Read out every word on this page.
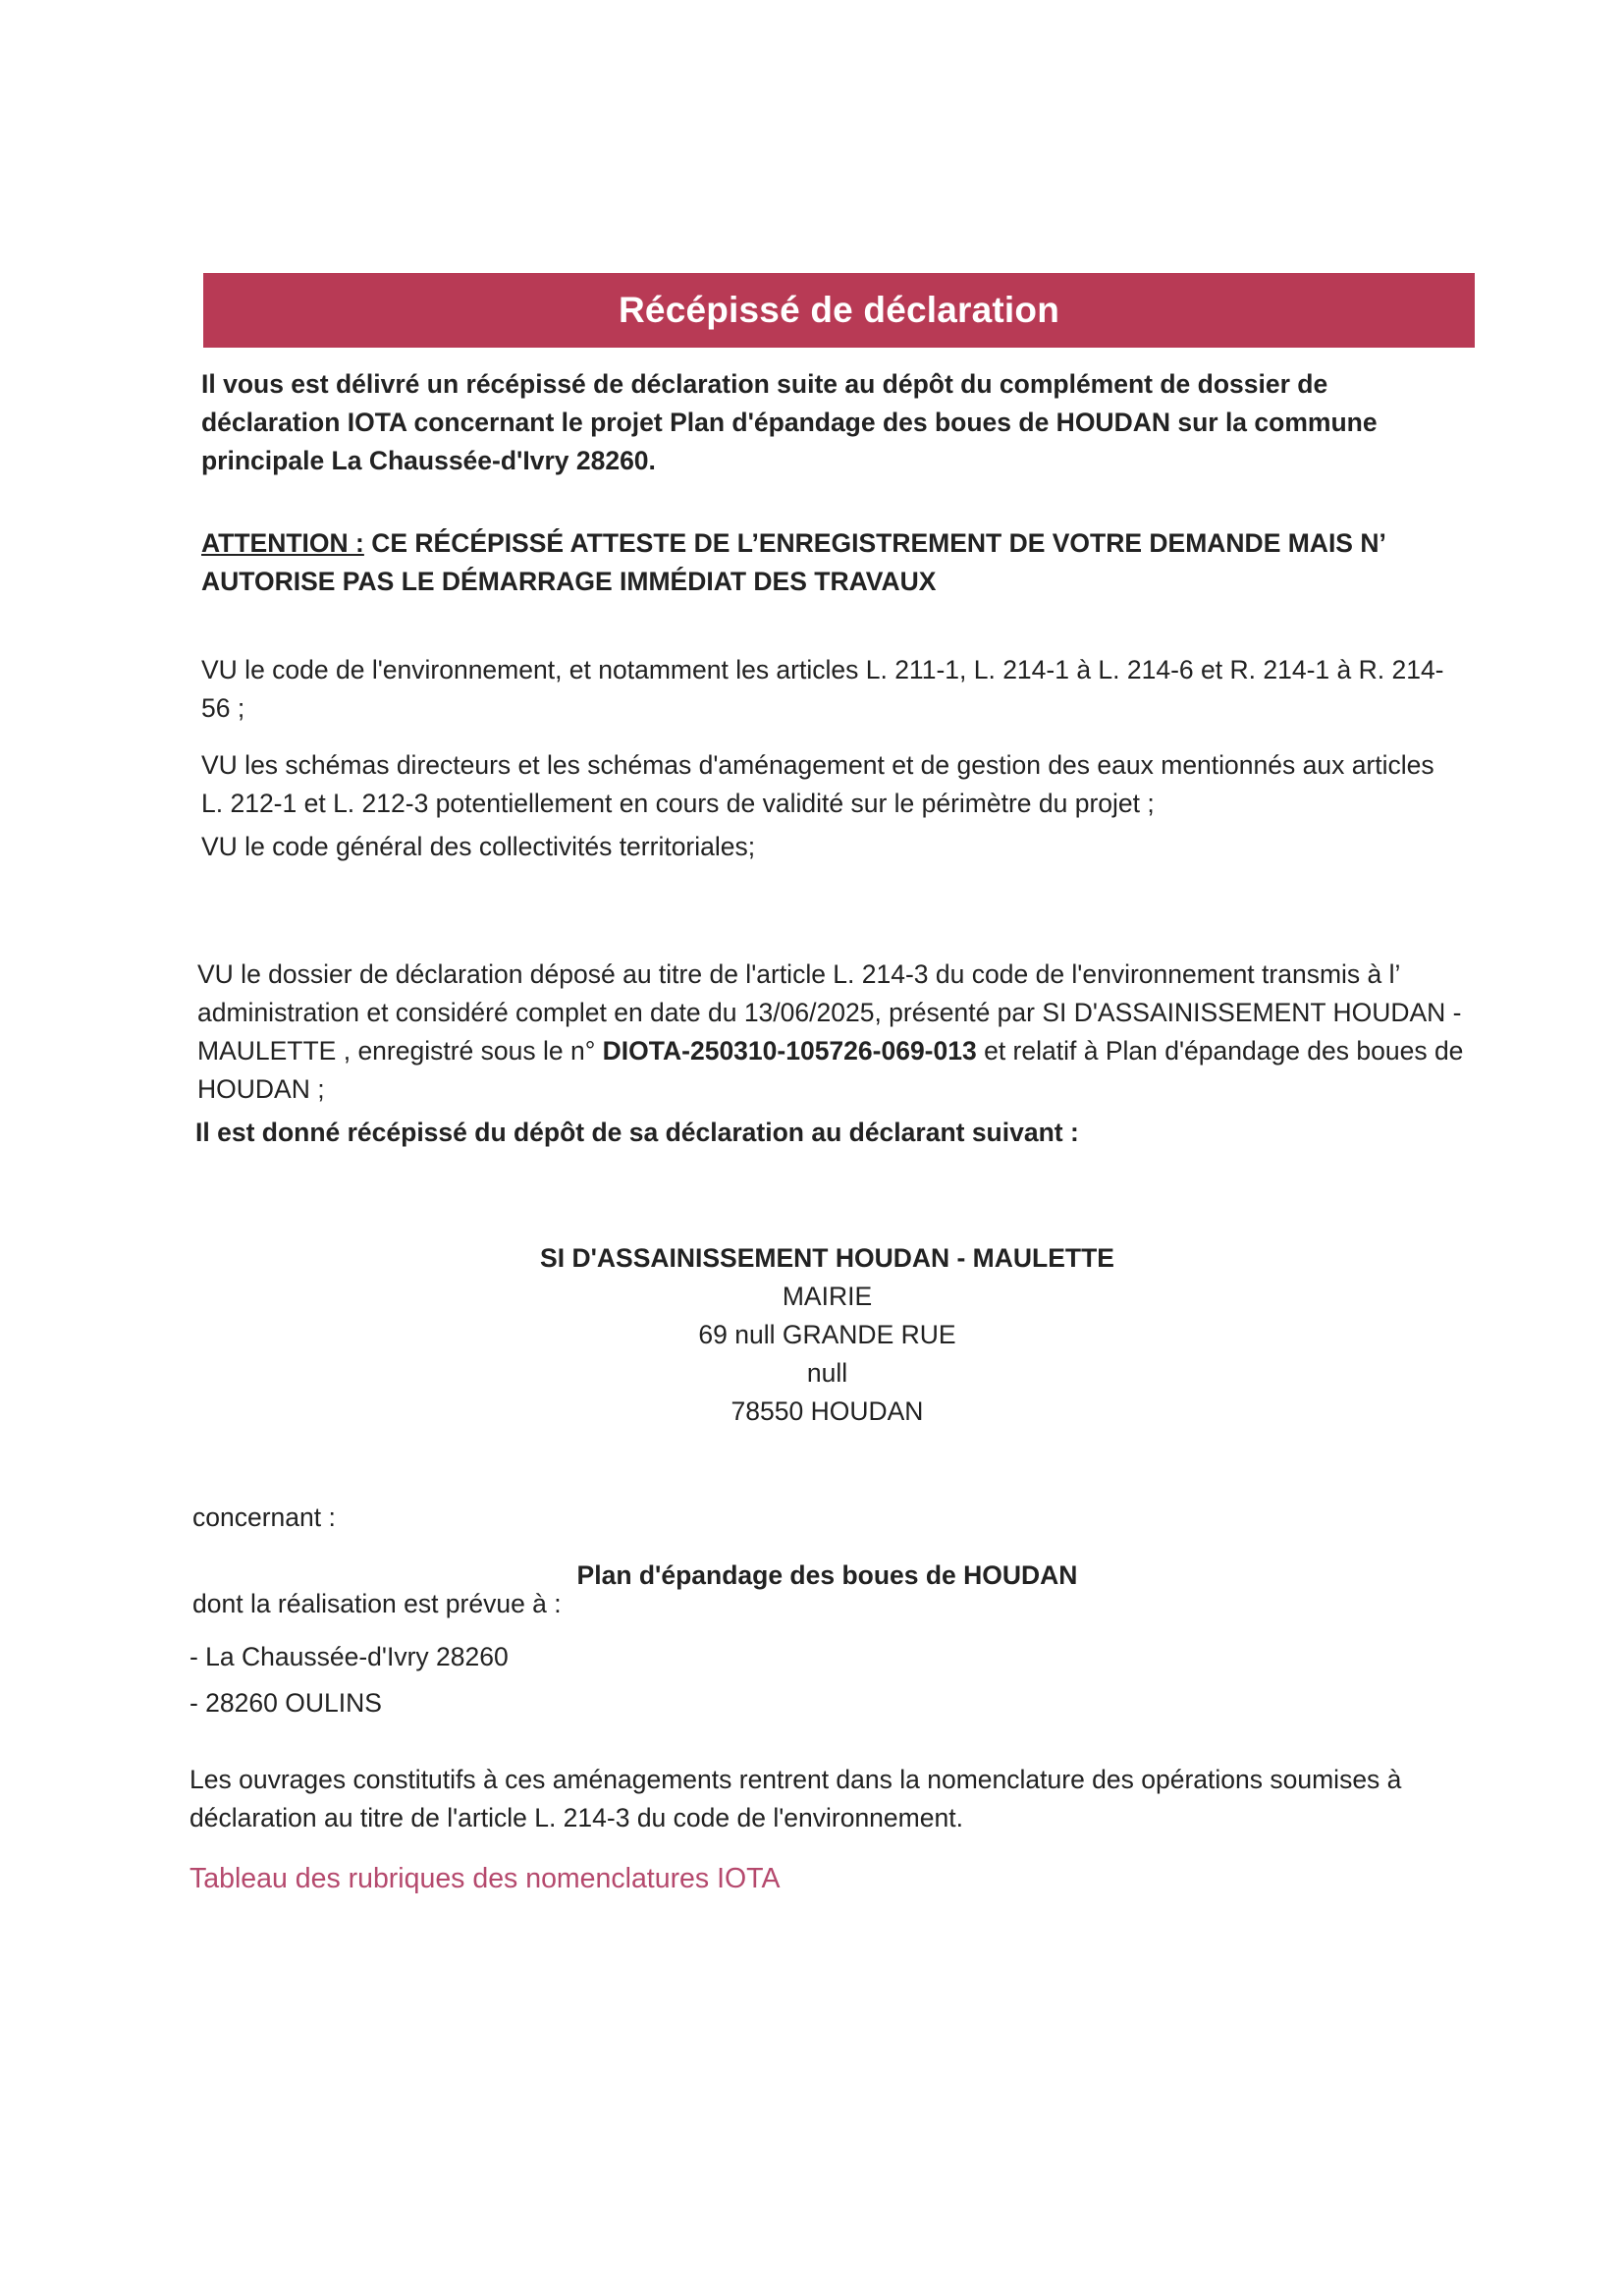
Récépissé de déclaration
Il vous est délivré un récépissé de déclaration suite au dépôt du complément de dossier de déclaration IOTA concernant le projet Plan d'épandage des boues de HOUDAN sur la commune principale La Chaussée-d'Ivry 28260.
ATTENTION : CE RÉCÉPISSÉ ATTESTE DE L’ENREGISTREMENT DE VOTRE DEMANDE MAIS N’ AUTORISE PAS LE DÉMARRAGE IMMÉDIAT DES TRAVAUX
VU le code de l'environnement, et notamment les articles L. 211-1, L. 214-1 à L. 214-6 et R. 214-1 à R. 214-56 ;
VU les schémas directeurs et les schémas d'aménagement et de gestion des eaux mentionnés aux articles L. 212-1 et L. 212-3 potentiellement en cours de validité sur le périmètre du projet ;
VU le code général des collectivités territoriales;
VU le dossier de déclaration déposé au titre de l'article L. 214-3 du code de l'environnement transmis à l’ administration et considéré complet en date du 13/06/2025, présenté par SI D'ASSAINISSEMENT HOUDAN - MAULETTE , enregistré sous le n° DIOTA-250310-105726-069-013 et relatif à Plan d'épandage des boues de HOUDAN ;
Il est donné récépissé du dépôt de sa déclaration au déclarant suivant :
SI D'ASSAINISSEMENT HOUDAN - MAULETTE
MAIRIE
69 null GRANDE RUE
null
78550 HOUDAN
concernant :
Plan d'épandage des boues de HOUDAN
dont la réalisation est prévue à :
- La Chaussée-d'Ivry 28260
- 28260 OULINS
Les ouvrages constitutifs à ces aménagements rentrent dans la nomenclature des opérations soumises à déclaration au titre de l'article L. 214-3 du code de l'environnement.
Tableau des rubriques des nomenclatures IOTA
